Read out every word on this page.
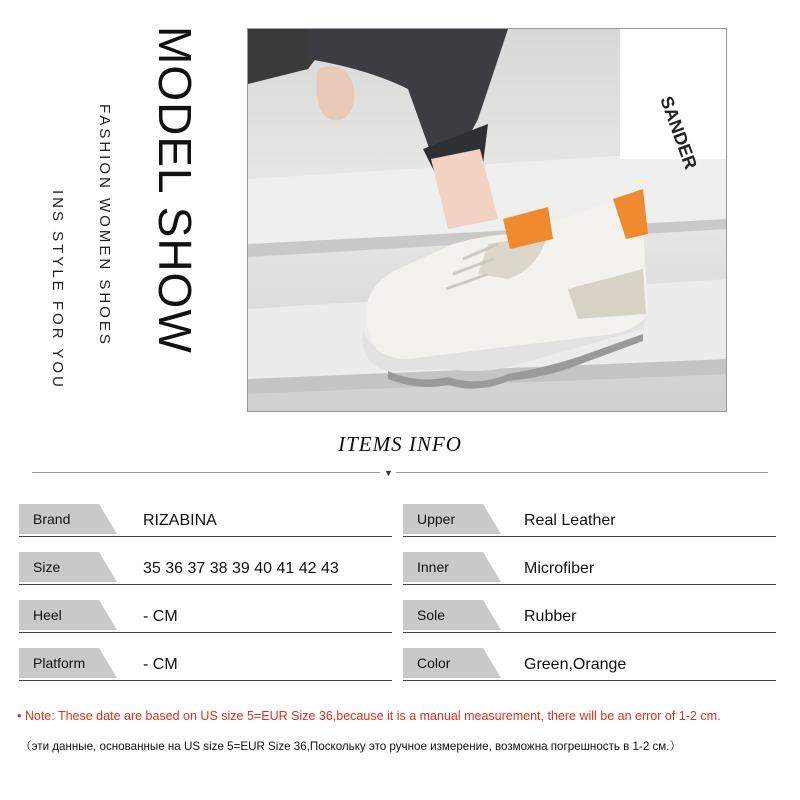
MODEL SHOW
FASHION WOMEN SHOES
INS STYLE FOR YOU
SANDER
ITEMS INFO
▼
Brand	RIZABINA	Upper	Real Leather
Size	35 36 37 38 39 40 41 42 43	Inner	Microfiber
Heel	- CM	Sole	Rubber
Platform	- CM	Color	Green,Orange
• Note: These date are based on US size 5=EUR Size 36,because it is a manual measurement, there will be an error of 1-2 cm.
（эти данные, основанные на US size 5=EUR Size 36,Поскольку это ручное измерение, возможна погрешность в 1-2 см.）
